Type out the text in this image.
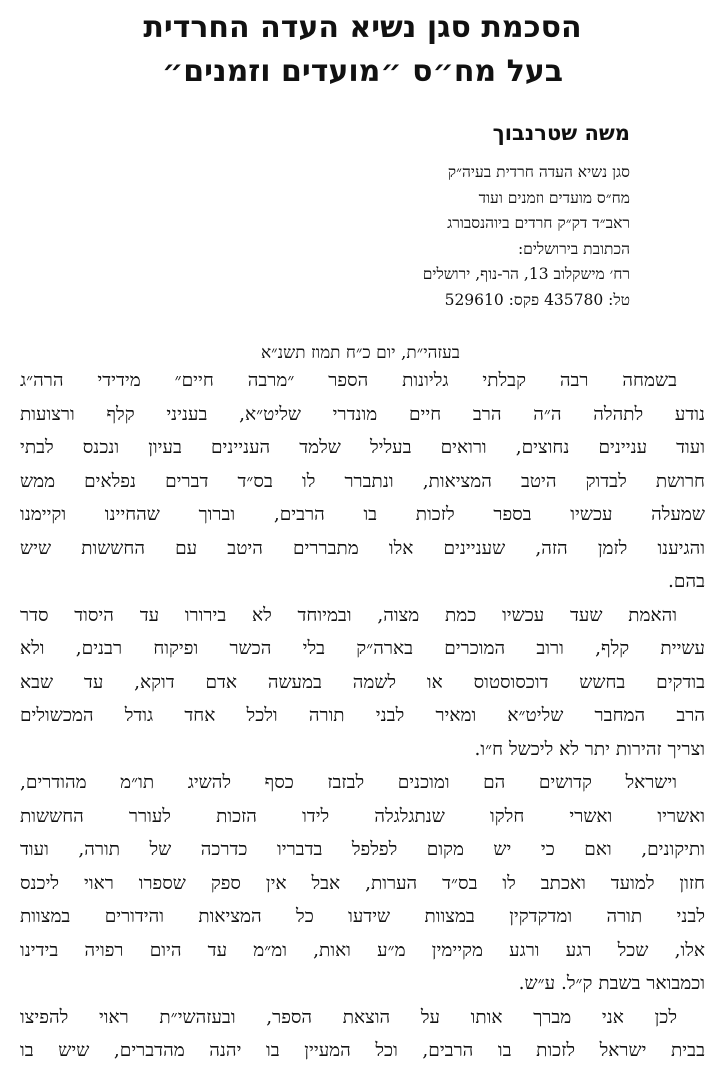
הסכמת סגן נשיא העדה החרדית
בעל מח״ס ״מועדים וזמנים״
משה שטרנבוך
סגן נשיא העדה חרדית בעיה״ק
מח״ס מועדים וזמנים ועוד
ראב״ד דק״ק חרדים ביוהנסבורג
הכתובת בירושלים:
רח׳ מישקלוב 13, הר-נוף, ירושלים
טל: 435780 פקס: 529610
בעזהי״ת, יום כ״ח תמוז תשנ״א
בשמחה רבה קבלתי גליונות הספר ״מרבה חיים״ מידידי הרה״ג
נודע לתהלה ה״ה הרב חיים מונדרי שליט״א, בעניני קלף ורצועות
ועוד עניינים נחוצים, ורואים בעליל שלמד העניינים בעיון ונכנס לבתי
חרושת לבדוק היטב המציאות, ונתברר לו בס״ד דברים נפלאים ממש
שמעלה עכשיו בספר לזכות בו הרבים, וברוך שהחיינו וקיימנו
והגיענו לזמן הזה, שעניינים אלו מתבררים היטב עם החששות שיש
בהם.
והאמת שעד עכשיו כמת מצוה, ובמיוחד לא בירורו עד היסוד סדר
עשיית קלף, ורוב המוכרים בארה״ק בלי הכשר ופיקוח רבנים, ולא
בודקים בחשש דוכסוסטוס או לשמה במעשה אדם דוקא, עד שבא
הרב המחבר שליט״א ומאיר לבני תורה ולכל אחד גודל המכשולים
וצריך זהירות יתר לא ליכשל ח״ו.
וישראל קדושים הם ומוכנים לבזבז כסף להשיג תו״מ מהודרים,
ואשריו ואשרי חלקו שנתגלגלה לידו הזכות לעורר החששות
ותיקונים, ואם כי יש מקום לפלפל בדבריו כדרכה של תורה, ועוד
חזון למועד ואכתב לו בס״ד הערות, אבל אין ספק שספרו ראוי ליכנס
לבני תורה ומדקדקין במצוות שידעו כל המציאות והידורים במצוות
אלו, שכל רגע ורגע מקיימין מ״ע ואות, ומ״מ עד היום רפויה בידינו
וכמבואר בשבת ק״ל. ע״ש.
לכן אני מברך אותו על הוצאת הספר, ובעזהשי״ת ראוי להפיצו
בבית ישראל לזכות בו הרבים, וכל המעיין בו יהנה מהדברים, שיש בו
